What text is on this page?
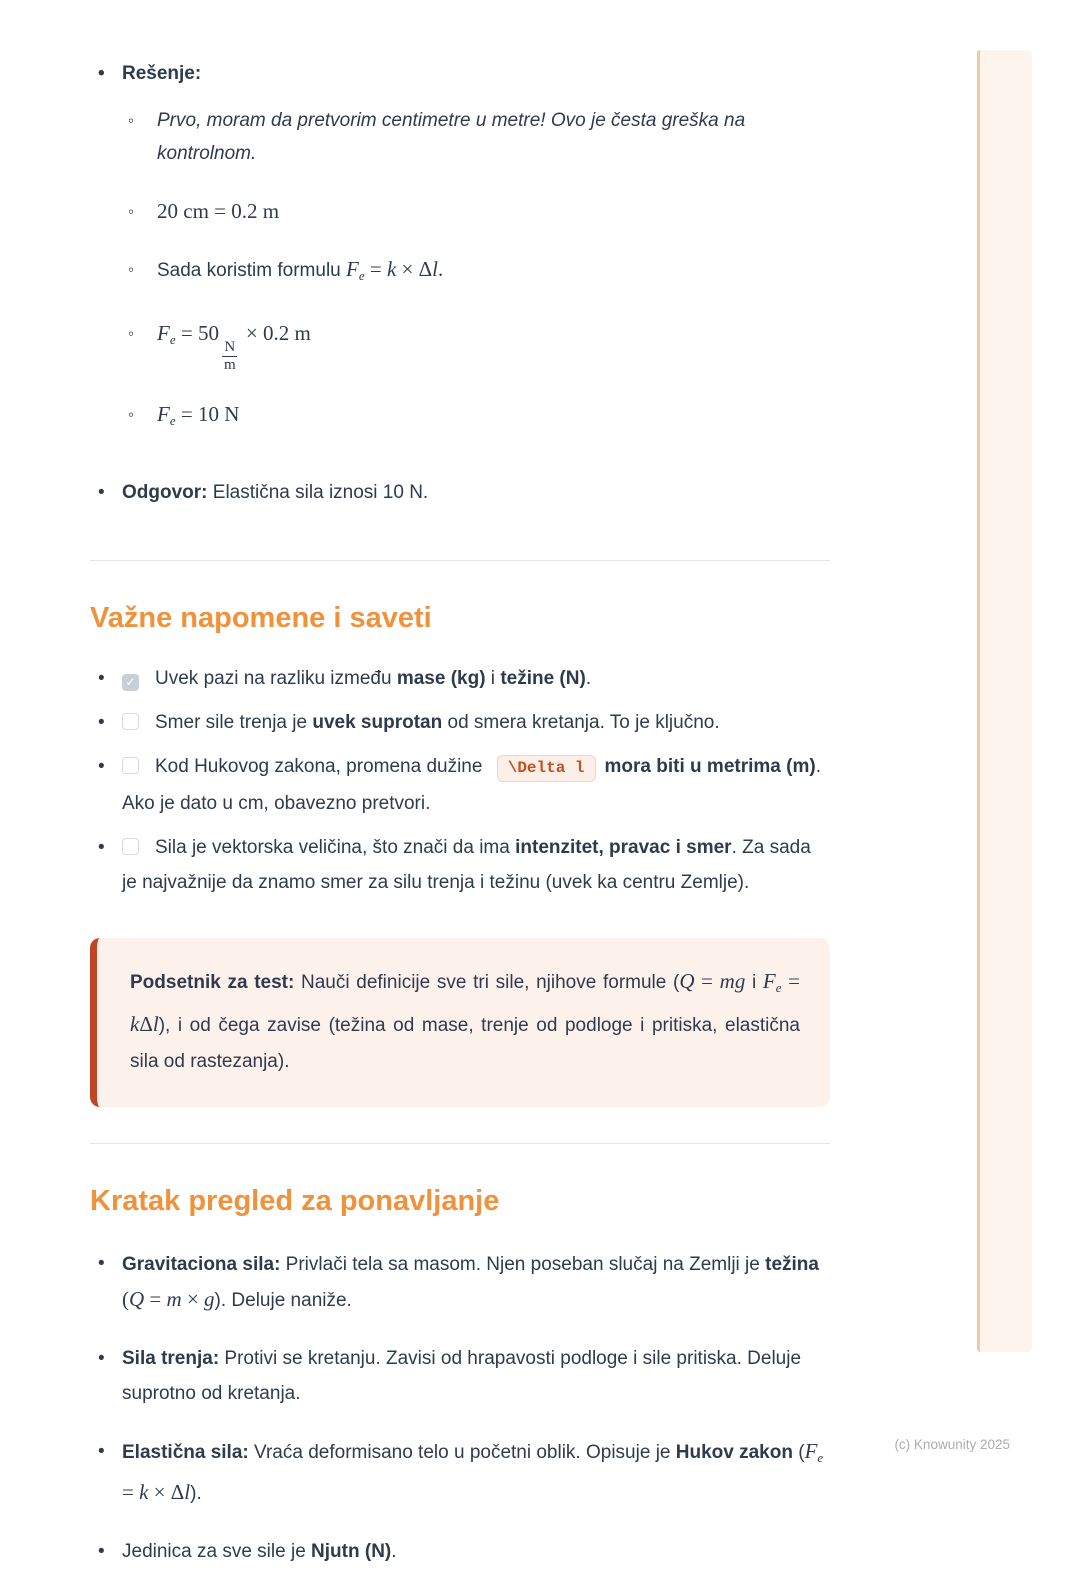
• Rešenje:
◦ Prvo, moram da pretvorim centimetre u metre! Ovo je česta greška na kontrolnom.
◦ 20 cm = 0.2 m
◦ Sada koristim formulu $F_e = k \times \Delta l$.
◦ $F_e = 50$
$\frac{N}{m}$
× 0.2 m
◦ $F_e = 10$ N
• Odgovor: Elastična sila iznosi 10 N.
Važne napomene i saveti
• ✓ Uvek pazi na razliku između mase (kg) i težine (N).
• Smer sile trenja je uvek suprotan od smera kretanja. To je ključno.
• Kod Hukovog zakona, promena dužine \Delta l mora biti u metrima (m). Ako je dato u cm, obavezno pretvori.
• Sila je vektorska veličina, što znači da ima intenzitet, pravac i smer. Za sada je najvažnije da znamo smer za silu trenja i težinu (uvek ka centru Zemlje).
Podsetnik za test: Nauči definicije sve tri sile, njihove formule (Q = mg i $F_e = k\Delta l$), i od čega zavise (težina od mase, trenje od podloge i pritiska, elastična sila od rastezanja).
Kratak pregled za ponavljanje
• Gravitaciona sila: Privlači tela sa masom. Njen poseban slučaj na Zemlji je težina (Q = m × g). Deluje naniže.
• Sila trenja: Protivi se kretanju. Zavisi od hrapavosti podloge i sile pritiska. Deluje suprotno od kretanja.
• Elastična sila: Vraća deformisano telo u početni oblik. Opisuje je Hukov zakon $(F_e = k \times \Delta l)$.
• Jedinica za sve sile je Njutn (N).
(c) Knowunity 2025
